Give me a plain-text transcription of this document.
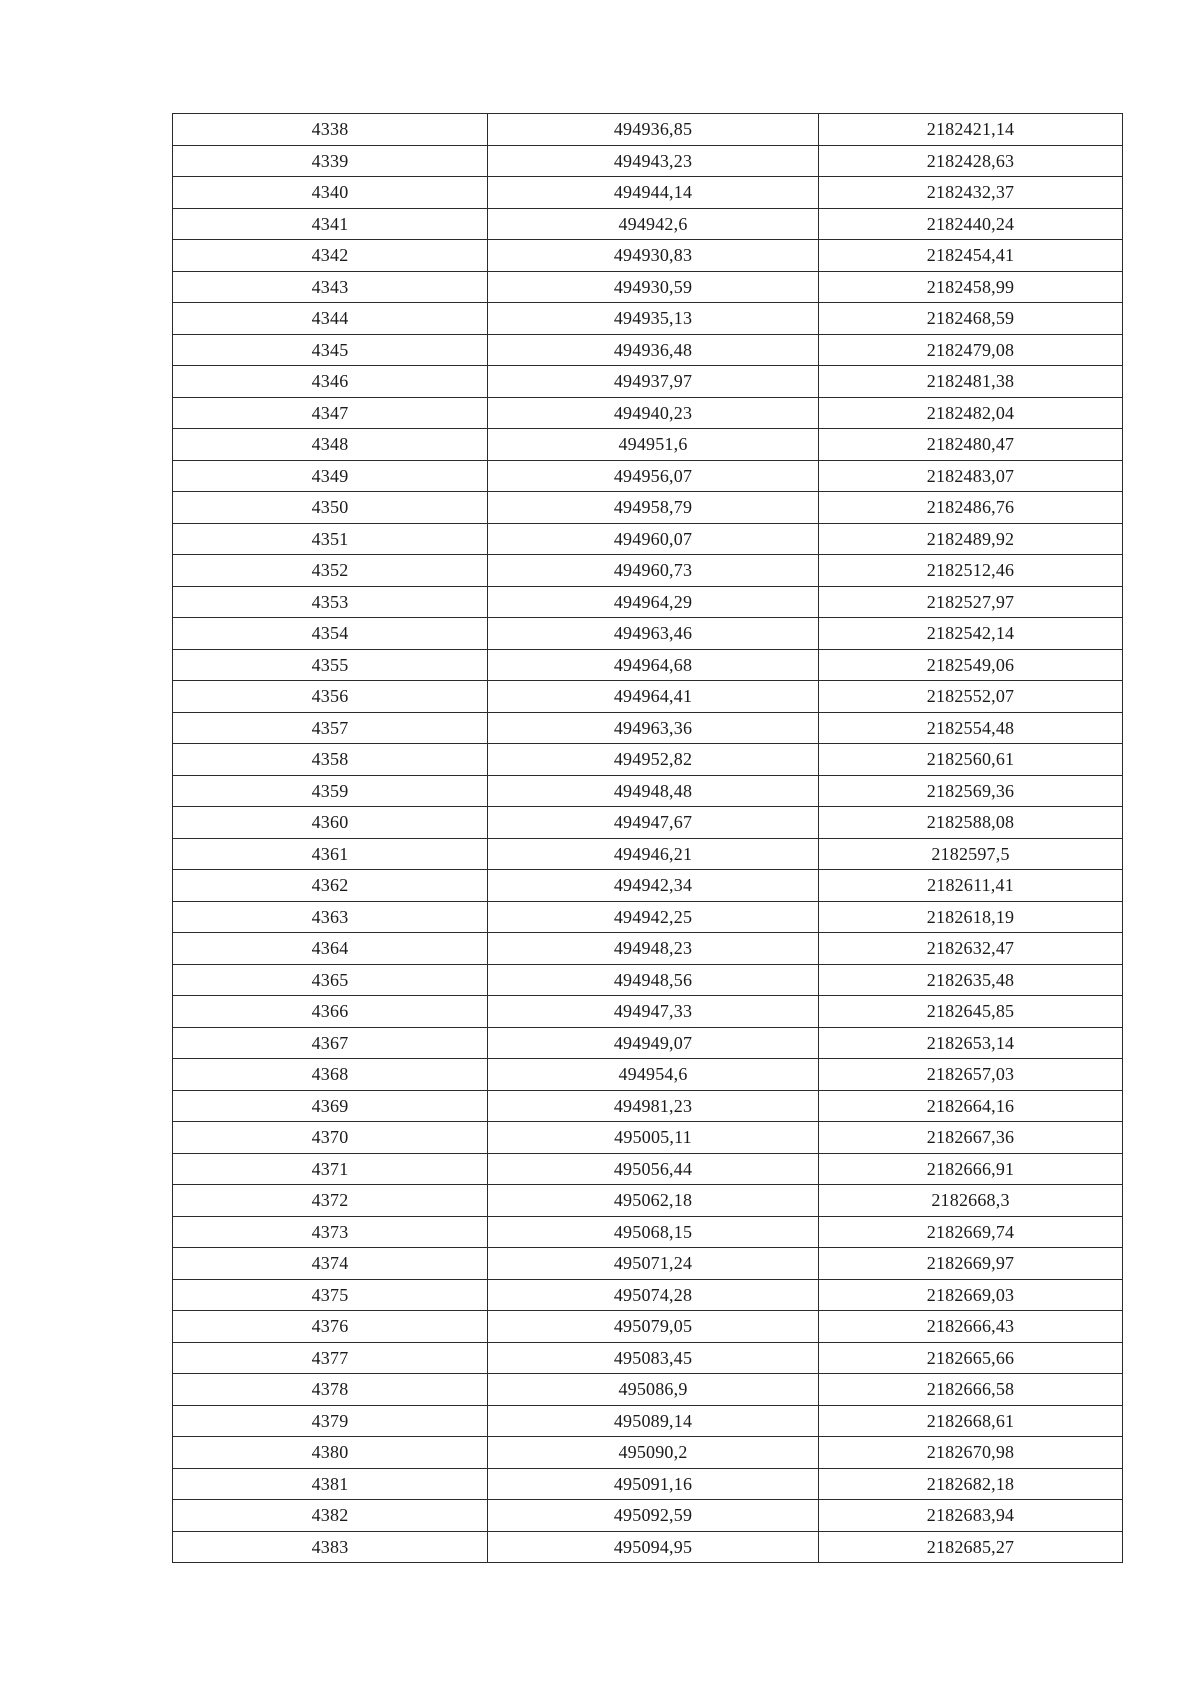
4338	494936,85	2182421,14
4339	494943,23	2182428,63
4340	494944,14	2182432,37
4341	494942,6	2182440,24
4342	494930,83	2182454,41
4343	494930,59	2182458,99
4344	494935,13	2182468,59
4345	494936,48	2182479,08
4346	494937,97	2182481,38
4347	494940,23	2182482,04
4348	494951,6	2182480,47
4349	494956,07	2182483,07
4350	494958,79	2182486,76
4351	494960,07	2182489,92
4352	494960,73	2182512,46
4353	494964,29	2182527,97
4354	494963,46	2182542,14
4355	494964,68	2182549,06
4356	494964,41	2182552,07
4357	494963,36	2182554,48
4358	494952,82	2182560,61
4359	494948,48	2182569,36
4360	494947,67	2182588,08
4361	494946,21	2182597,5
4362	494942,34	2182611,41
4363	494942,25	2182618,19
4364	494948,23	2182632,47
4365	494948,56	2182635,48
4366	494947,33	2182645,85
4367	494949,07	2182653,14
4368	494954,6	2182657,03
4369	494981,23	2182664,16
4370	495005,11	2182667,36
4371	495056,44	2182666,91
4372	495062,18	2182668,3
4373	495068,15	2182669,74
4374	495071,24	2182669,97
4375	495074,28	2182669,03
4376	495079,05	2182666,43
4377	495083,45	2182665,66
4378	495086,9	2182666,58
4379	495089,14	2182668,61
4380	495090,2	2182670,98
4381	495091,16	2182682,18
4382	495092,59	2182683,94
4383	495094,95	2182685,27
